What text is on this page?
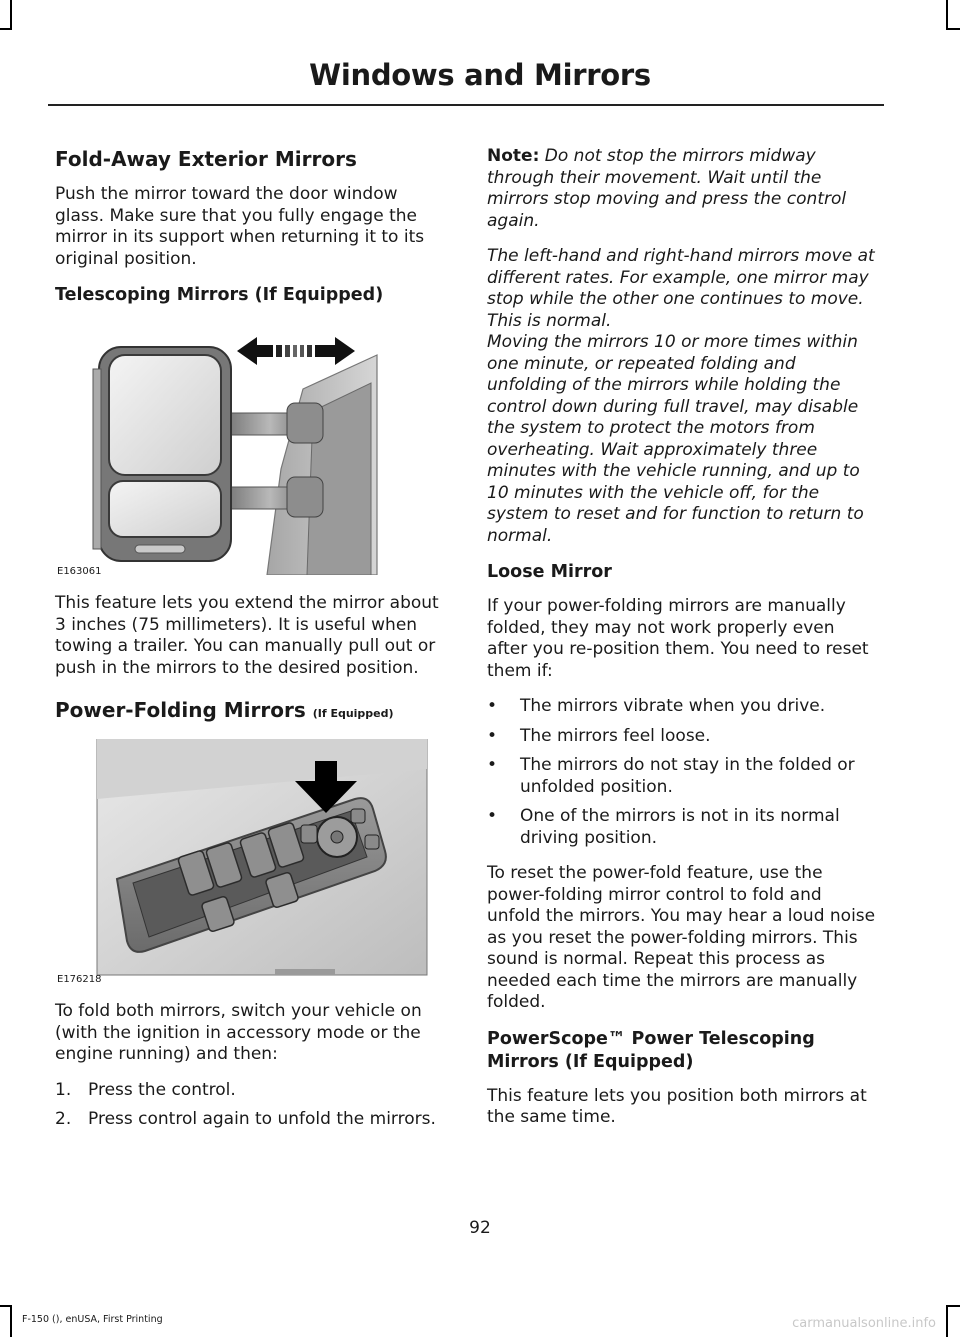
Windows and Mirrors
Fold-Away Exterior Mirrors

Push the mirror toward the door window glass. Make sure that you fully engage the mirror in its support when returning it to its original position.

Telescoping Mirrors (If Equipped)
E163061

This feature lets you extend the mirror about 3 inches (75 millimeters). It is useful when towing a trailer. You can manually pull out or push in the mirrors to the desired position.

Power-Folding Mirrors (If Equipped)
E176218

To fold both mirrors, switch your vehicle on (with the ignition in accessory mode or the engine running) and then:

1. Press the control.
2. Press control again to unfold the mirrors.

Note: Do not stop the mirrors midway through their movement. Wait until the mirrors stop moving and press the control again.

The left-hand and right-hand mirrors move at different rates. For example, one mirror may stop while the other one continues to move. This is normal.

Moving the mirrors 10 or more times within one minute, or repeated folding and unfolding of the mirrors while holding the control down during full travel, may disable the system to protect the motors from overheating. Wait approximately three minutes with the vehicle running, and up to 10 minutes with the vehicle off, for the system to reset and for function to return to normal.

Loose Mirror

If your power-folding mirrors are manually folded, they may not work properly even after you re-position them. You need to reset them if:

• The mirrors vibrate when you drive.
• The mirrors feel loose.
• The mirrors do not stay in the folded or unfolded position.
• One of the mirrors is not in its normal driving position.

To reset the power-fold feature, use the power-folding mirror control to fold and unfold the mirrors. You may hear a loud noise as you reset the power-folding mirrors. This sound is normal. Repeat this process as needed each time the mirrors are manually folded.

PowerScope™ Power Telescoping Mirrors (If Equipped)

This feature lets you position both mirrors at the same time.

92
F-150 (), enUSA, First Printing	carmanualsonline.info
